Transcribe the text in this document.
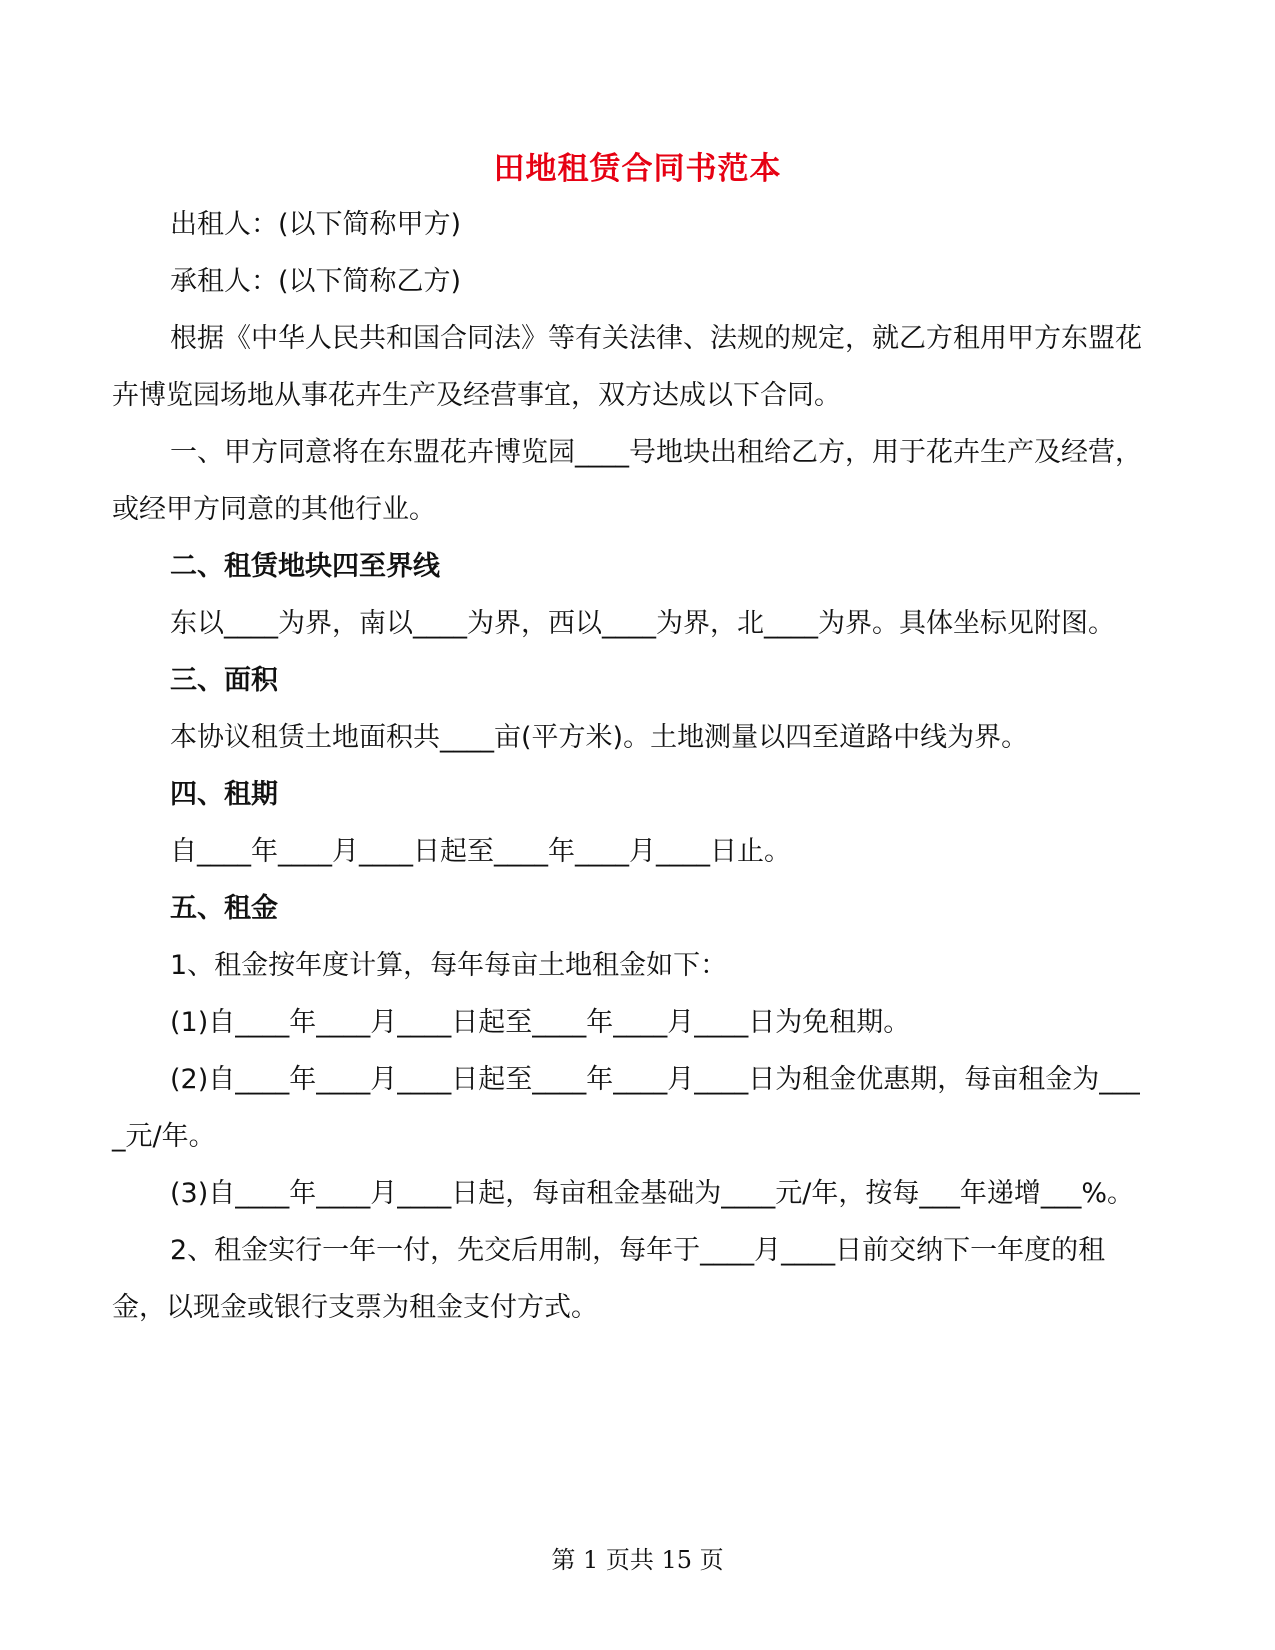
田地租赁合同书范本

出租人：(以下简称甲方)

承租人：(以下简称乙方)

根据《中华人民共和国合同法》等有关法律、法规的规定，就乙方租用甲方东盟花卉博览园场地从事花卉生产及经营事宜，双方达成以下合同。

一、甲方同意将在东盟花卉博览园____号地块出租给乙方，用于花卉生产及经营，或经甲方同意的其他行业。

二、租赁地块四至界线

东以____为界，南以____为界，西以____为界，北____为界。具体坐标见附图。

三、面积

本协议租赁土地面积共____亩(平方米)。土地测量以四至道路中线为界。

四、租期

自____年____月____日起至____年____月____日止。

五、租金

1、租金按年度计算，每年每亩土地租金如下：

(1)自____年____月____日起至____年____月____日为免租期。

(2)自____年____月____日起至____年____月____日为租金优惠期，每亩租金为____元/年。

(3)自____年____月____日起，每亩租金基础为____元/年，按每___年递增___%。

2、租金实行一年一付，先交后用制，每年于____月____日前交纳下一年度的租金，以现金或银行支票为租金支付方式。

第 1 页共 15 页
